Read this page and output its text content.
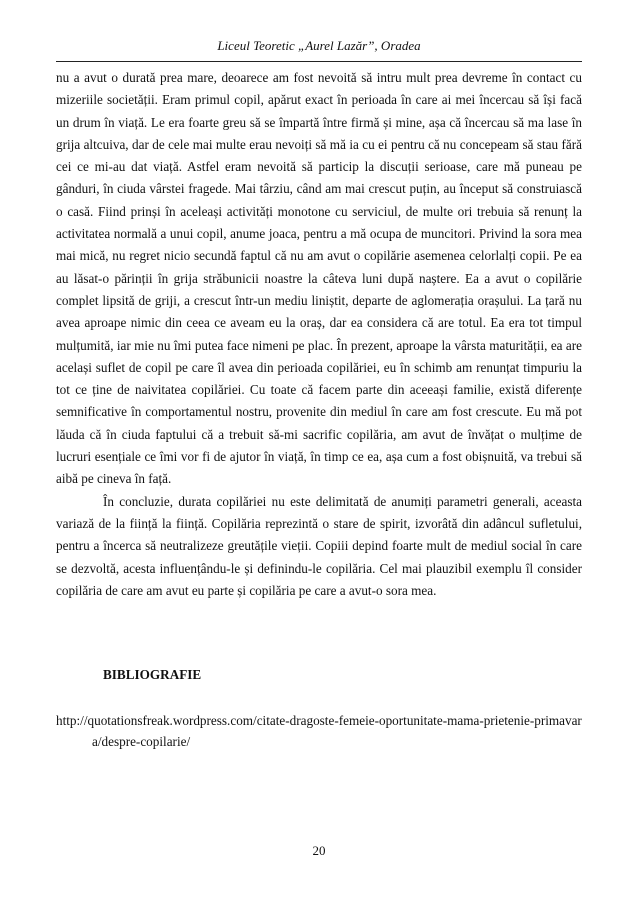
Liceul Teoretic „Aurel Lazăr”, Oradea

nu a avut o durată prea mare, deoarece am fost nevoită să intru mult prea devreme în contact cu mizeriile societății. Eram primul copil, apărut exact în perioada în care ai mei încercau să își facă un drum în viață. Le era foarte greu să se împartă între firmă și mine, așa că încercau să ma lase în grija altcuiva, dar de cele mai multe erau nevoiți să mă ia cu ei pentru că nu concepeam să stau fără cei ce mi-au dat viață. Astfel eram nevoită să particip la discuții serioase, care mă puneau pe gânduri, în ciuda vârstei fragede. Mai târziu, când am mai crescut puțin, au început să construiască o casă. Fiind prinși în aceleași activități monotone cu serviciul, de multe ori trebuia să renunț la activitatea normală a unui copil, anume joaca, pentru a mă ocupa de muncitori. Privind la sora mea mai mică, nu regret nicio secundă faptul că nu am avut o copilărie asemenea celorlalți copii. Pe ea au lăsat-o părinții în grija străbunicii noastre la câteva luni după naștere. Ea a avut o copilărie complet lipsită de griji, a crescut într-un mediu liniștit, departe de aglomerația orașului. La țară nu avea aproape nimic din ceea ce aveam eu la oraș, dar ea considera că are totul. Ea era tot timpul mulțumită, iar mie nu îmi putea face nimeni pe plac. În prezent, aproape la vârsta maturității, ea are același suflet de copil pe care îl avea din perioada copilăriei, eu în schimb am renunțat timpuriu la tot ce ține de naivitatea copilăriei. Cu toate că facem parte din aceeași familie, există diferențe semnificative în comportamentul nostru, provenite din mediul în care am fost crescute. Eu mă pot lăuda că în ciuda faptului că a trebuit să-mi sacrific copilăria, am avut de învățat o mulțime de lucruri esențiale ce îmi vor fi de ajutor în viață, în timp ce ea, așa cum a fost obișnuită, va trebui să aibă pe cineva în față.

În concluzie, durata copilăriei nu este delimitată de anumiți parametri generali, aceasta variază de la ființă la ființă. Copilăria reprezintă o stare de spirit, izvorâtă din adâncul sufletului, pentru a încerca să neutralizeze greutățile vieții. Copiii depind foarte mult de mediul social în care se dezvoltă, acesta influențându-le și definindu-le copilăria. Cel mai plauzibil exemplu îl consider copilăria de care am avut eu parte și copilăria pe care a avut-o sora mea.

BIBLIOGRAFIE
http://quotationsfreak.wordpress.com/citate-dragoste-femeie-oportunitate-mama-prietenie-primavara/despre-copilarie/
20
